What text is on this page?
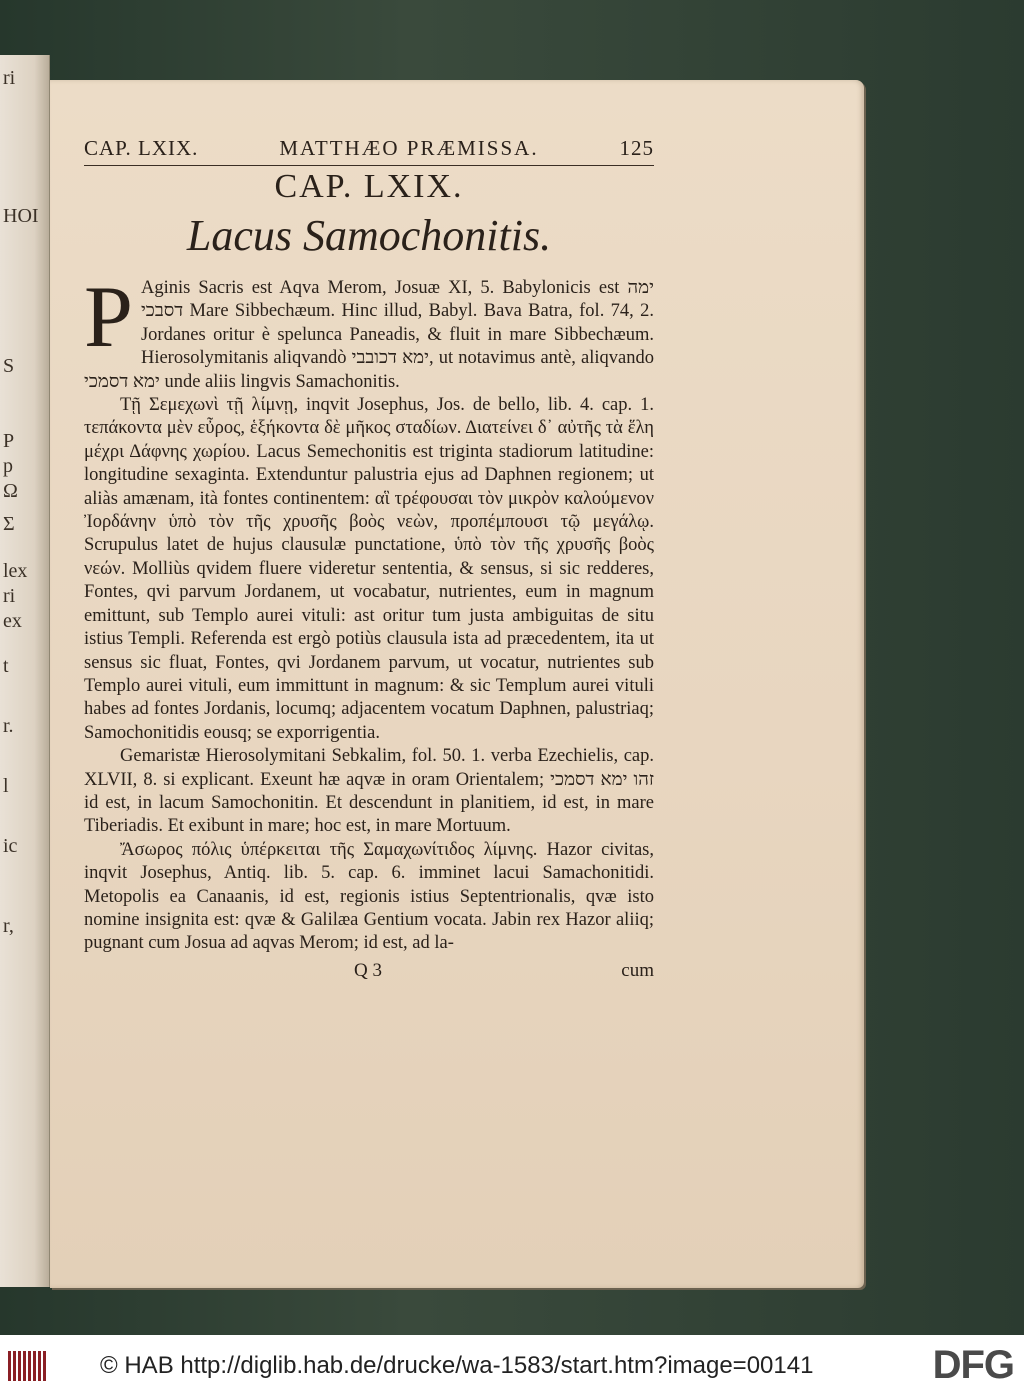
ri
HOI
S
P
p
Ω
Σ
lex
ri
ex
t
r.
l
ic
r,
CAP. LXIX.	MATTHÆO PRÆMISSA.	125
CAP. LXIX.
Lacus Samochonitis.

P Aginis Sacris est Aqva Merom, Josuæ XI, 5. Babylonicis est ימה דסבכי Mare Sibbechæum. Hinc illud, Babyl. Bava Batra, fol. 74, 2. Jordanes oritur è spelunca Paneadis, & fluit in mare Sibbechæum. Hierosolymitanis aliqvandò ימא דכובבי, ut notavimus antè, aliqvando ימא דסמכי unde aliis lingvis Samachonitis.

Τῇ Σεμεχωνὶ τῇ λίμνῃ, inqvit Josephus, Jos. de bello, lib. 4. cap. 1. τεπάκοντα μὲν εὖρος, ἑξήκοντα δὲ μῆκος σταδίων. Διατείνει δ᾽ αὐτῆς τὰ ἕλη μέχρι Δάφνης χωρίου. Lacus Semechonitis est triginta stadiorum latitudine: longitudine sexaginta. Extenduntur palustria ejus ad Daphnen regionem; ut aliàs amænam, ità fontes continentem: αἳ τρέφουσαι τὸν μικρὸν καλούμενον Ἰορδάνην ὑπὸ τὸν τῆς χρυσῆς βοὸς νεὼν, προπέμπουσι τῷ μεγάλῳ. Scrupulus latet de hujus clausulæ punctatione, ὑπὸ τὸν τῆς χρυσῆς βοὸς νεών. Molliùs qvidem fluere videretur sententia, & sensus, si sic redderes, Fontes, qvi parvum Jordanem, ut vocabatur, nutrientes, eum in magnum emittunt, sub Templo aurei vituli: ast oritur tum justa ambiguitas de situ istius Templi. Referenda est ergò potiùs clausula ista ad præcedentem, ita ut sensus sic fluat, Fontes, qvi Jordanem parvum, ut vocatur, nutrientes sub Templo aurei vituli, eum immittunt in magnum: & sic Templum aurei vituli habes ad fontes Jordanis, locumq; adjacentem vocatum Daphnen, palustriaq; Samochonitidis eousq; se exporrigentia.

Gemaristæ Hierosolymitani Sebkalim, fol. 50. 1. verba Ezechielis, cap. XLVII, 8. si explicant. Exeunt hæ aqvæ in oram Orientalem; זהו ימא דסמכי id est, in lacum Samochonitin. Et descendunt in planitiem, id est, in mare Tiberiadis. Et exibunt in mare; hoc est, in mare Mortuum.

Ἄσωρος πόλις ὑπέρκειται τῆς Σαμαχωνίτιδος λίμνης. Hazor civitas, inqvit Josephus, Antiq. lib. 5. cap. 6. imminet lacui Samachonitidi. Metopolis ea Canaanis, id est, regionis istius Septentrionalis, qvæ isto nomine insignita est: qvæ & Galilæa Gentium vocata. Jabin rex Hazor aliiq; pugnant cum Josua ad aqvas Merom; id est, ad la-

Q 3	cum
© HAB http://diglib.hab.de/drucke/wa-1583/start.htm?image=00141	DFG
